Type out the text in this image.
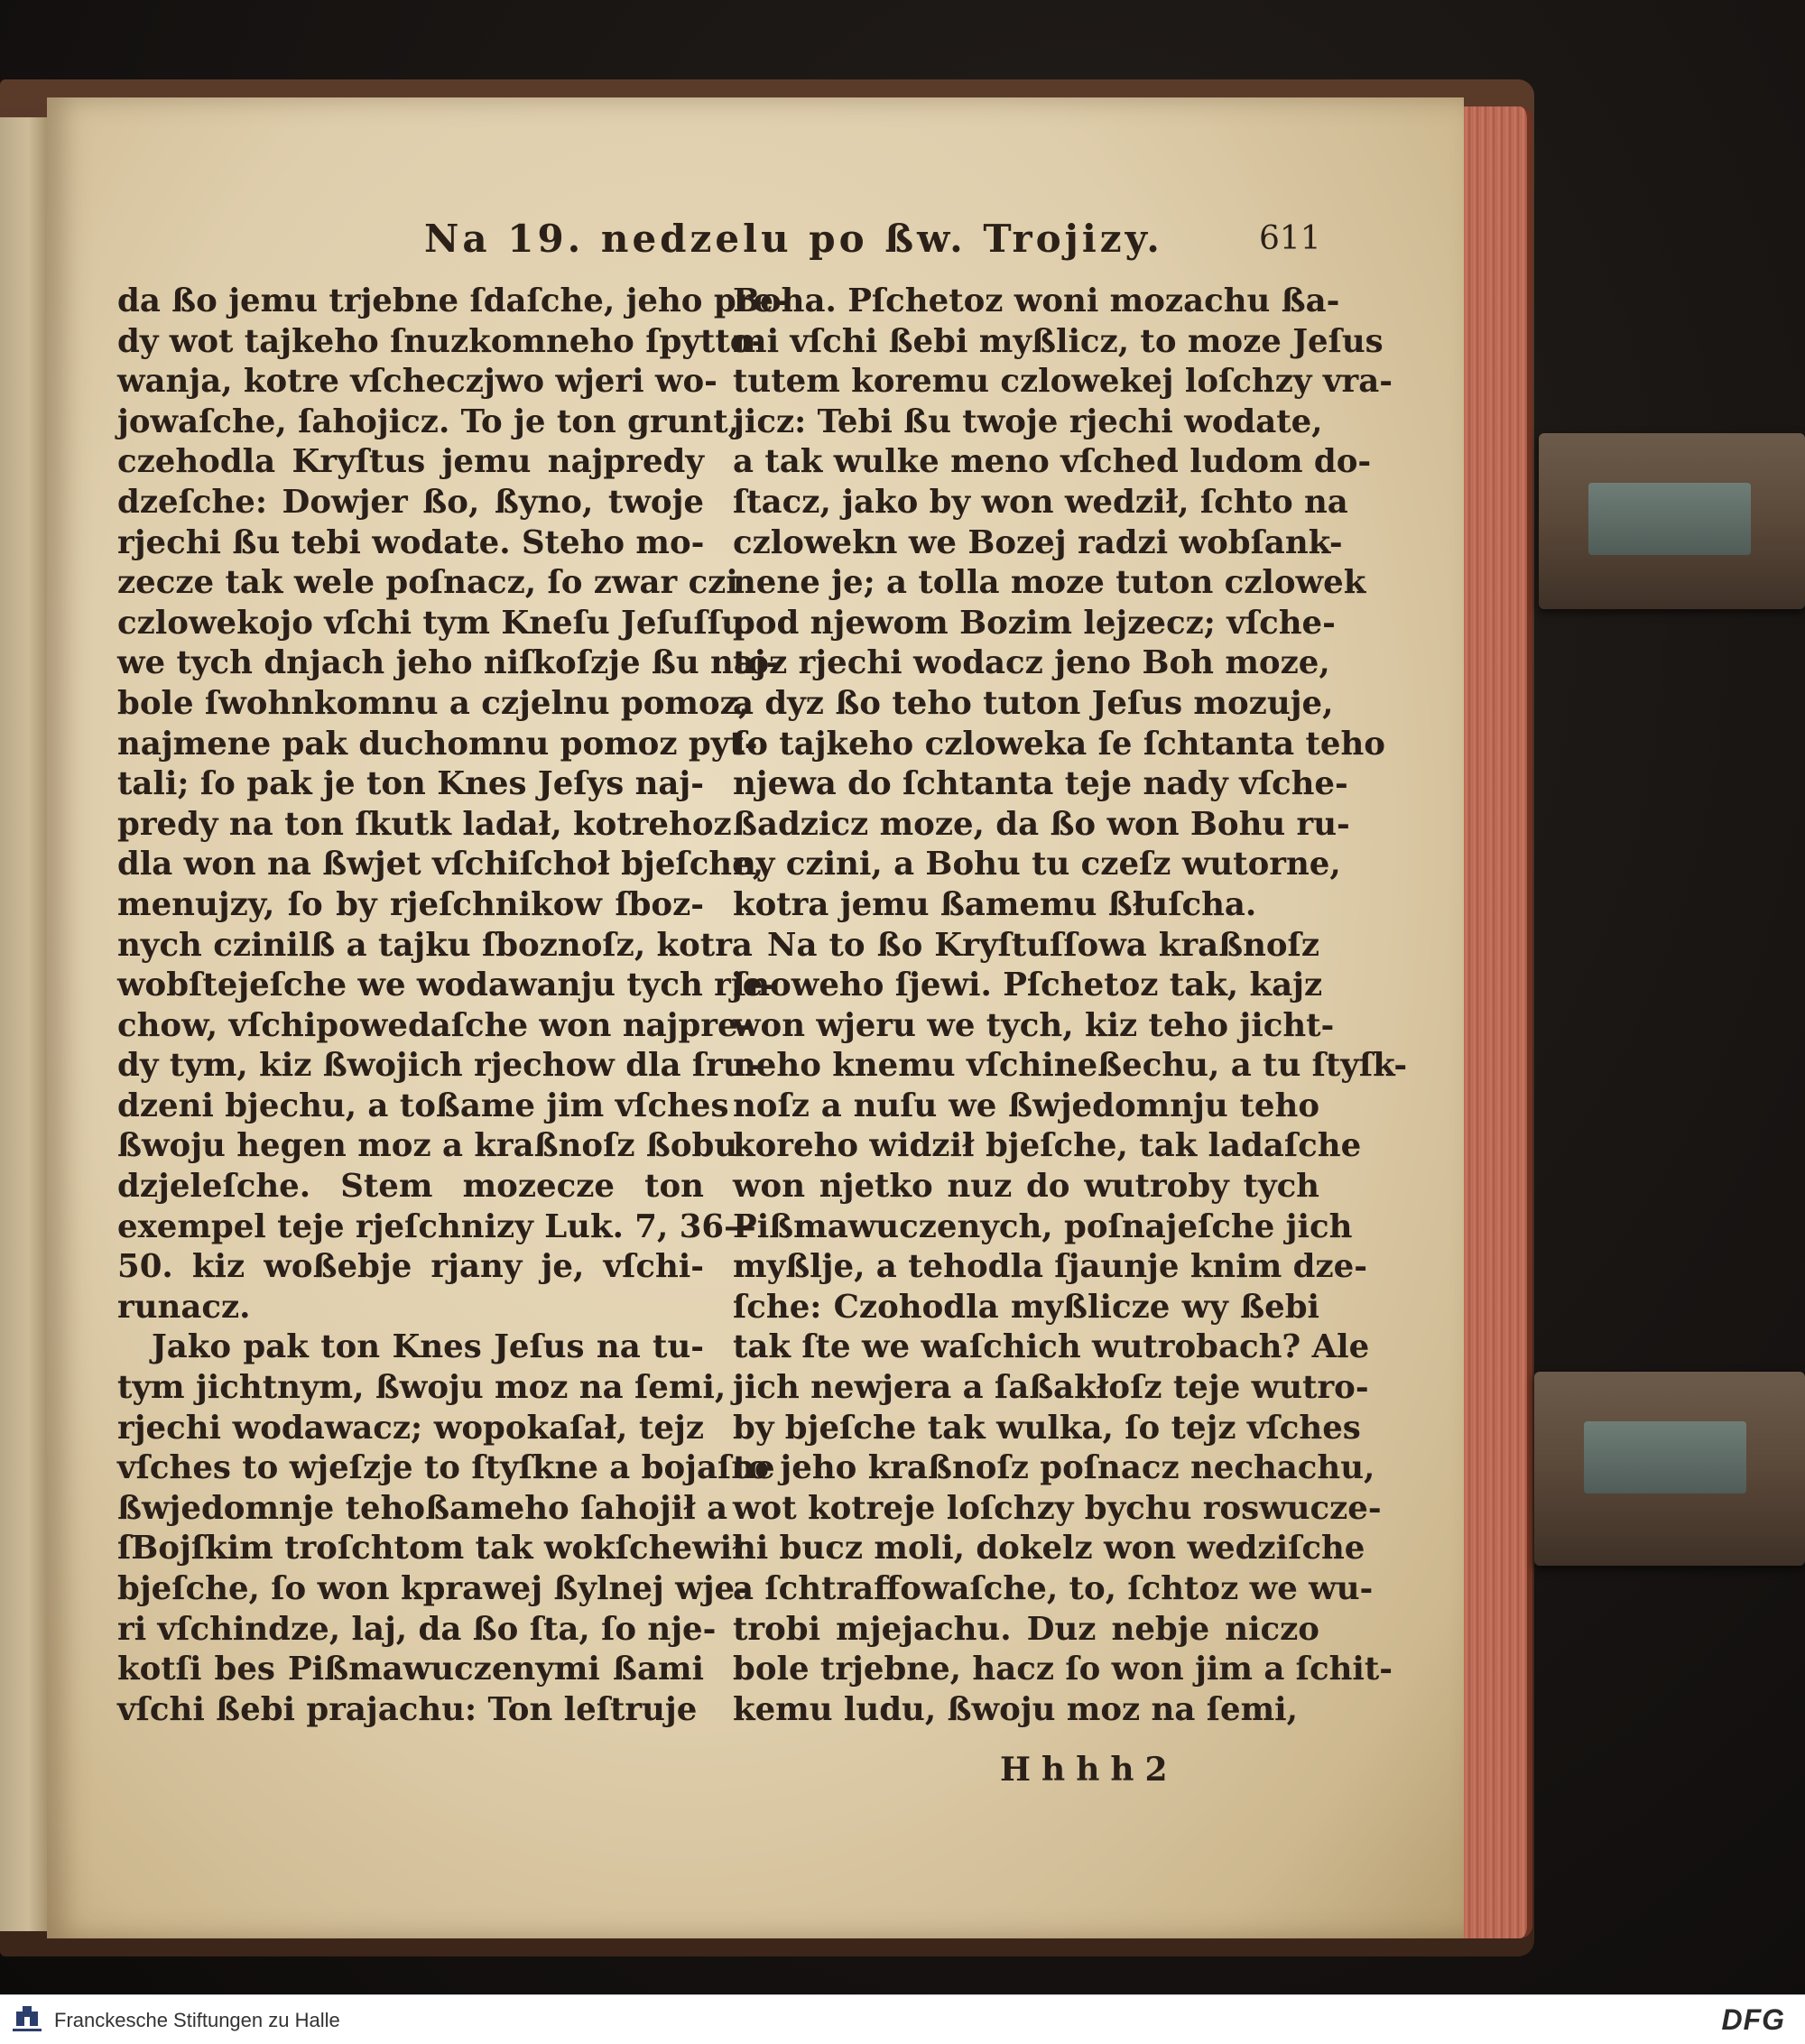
Na 19. nedzelu po ßw. Trojizy.	611
da ßo jemu trjebne ſdaſche, jeho pre-
dy wot tajkeho ſnuzkomneho ſpytto-
wanja, kotre vſcheczjwo wjeri wo-
jowaſche, ſahojicz. To je ton grunt,
czehodla Kryſtus jemu najpredy
dzeſche: Dowjer ßo, ßyno, twoje
rjechi ßu tebi wodate. Steho mo-
zecze tak wele poſnacz, ſo zwar czi
czlowekojo vſchi tym Kneſu Jeſuſſu
we tych dnjach jeho niſkoſzje ßu naj-
bole ſwohnkomnu a czjelnu pomoz,
najmene pak duchomnu pomoz pyt-
tali; ſo pak je ton Knes Jeſys naj-
predy na ton ſkutk ladał, kotrehoz
dla won na ßwjet vſchiſchoł bjeſche,
menujzy, ſo by rjeſchnikow ſboz-
nych czinilß a tajku ſboznoſz, kotra
wobſtejeſche we wodawanju tych rje-
chow, vſchipowedaſche won najpre-
dy tym, kiz ßwojich rjechow dla ſru-
dzeni bjechu, a toßame jim vſches
ßwoju hegen moz a kraßnoſz ßobu
dzjeleſche. Stem mozecze ton
exempel teje rjeſchnizy Luk. 7, 36—
50. kiz woßebje rjany je, vſchi-
runacz.
Jako pak ton Knes Jeſus na tu-
tym jichtnym, ßwoju moz na ſemi,
rjechi wodawacz; wopokaſał, tejz
vſches to wjeſzje to ſtyſkne a bojaſne
ßwjedomnje tehoßameho ſahojił a
ſBojſkim troſchtom tak wokſchewił
bjeſche, ſo won kprawej ßylnej wje-
ri vſchindze, laj, da ßo ſta, ſo nje-
kotſi bes Pißmawuczenymi ßami
vſchi ßebi prajachu: Ton leſtruje
Boha. Pſchetoz woni mozachu ßa-
mi vſchi ßebi myßlicz, to moze Jeſus
tutem koremu czlowekej loſchzy vra-
jicz: Tebi ßu twoje rjechi wodate,
a tak wulke meno vſched ludom do-
ſtacz, jako by won wedził, ſchto na
czlowekn we Bozej radzi wobſank-
nene je; a tolla moze tuton czlowek
pod njewom Bozim lejzecz; vſche-
toz rjechi wodacz jeno Boh moze,
a dyz ßo teho tuton Jeſus mozuje,
ſo tajkeho czloweka ſe ſchtanta teho
njewa do ſchtanta teje nady vſche-
ßadzicz moze, da ßo won Bohu ru-
ny czini, a Bohu tu czeſz wutorne,
kotra jemu ßamemu ßłuſcha.
Na to ßo Kryſtuſſowa kraßnoſz
ſnoweho ſjewi. Pſchetoz tak, kajz
won wjeru we tych, kiz teho jicht-
neho knemu vſchineßechu, a tu ſtyſk-
noſz a nuſu we ßwjedomnju teho
koreho widził bjeſche, tak ladaſche
won njetko nuz do wutroby tych
Pißmawuczenych, poſnajeſche jich
myßlje, a tehodla ſjaunje knim dze-
ſche: Czohodla myßlicze wy ßebi
tak ſte we waſchich wutrobach? Ale
jich newjera a ſaßakłoſz teje wutro-
by bjeſche tak wulka, ſo tejz vſches
to jeho kraßnoſz poſnacz nechachu,
wot kotreje loſchzy bychu roswucze-
ni bucz moli, dokelz won wedziſche
a ſchtraffowaſche, to, ſchtoz we wu-
trobi mjejachu. Duz nebje niczo
bole trjebne, hacz ſo won jim a ſchit-
kemu ludu, ßwoju moz na ſemi,
Hhhh2
Franckesche Stiftungen zu Halle	DFG
